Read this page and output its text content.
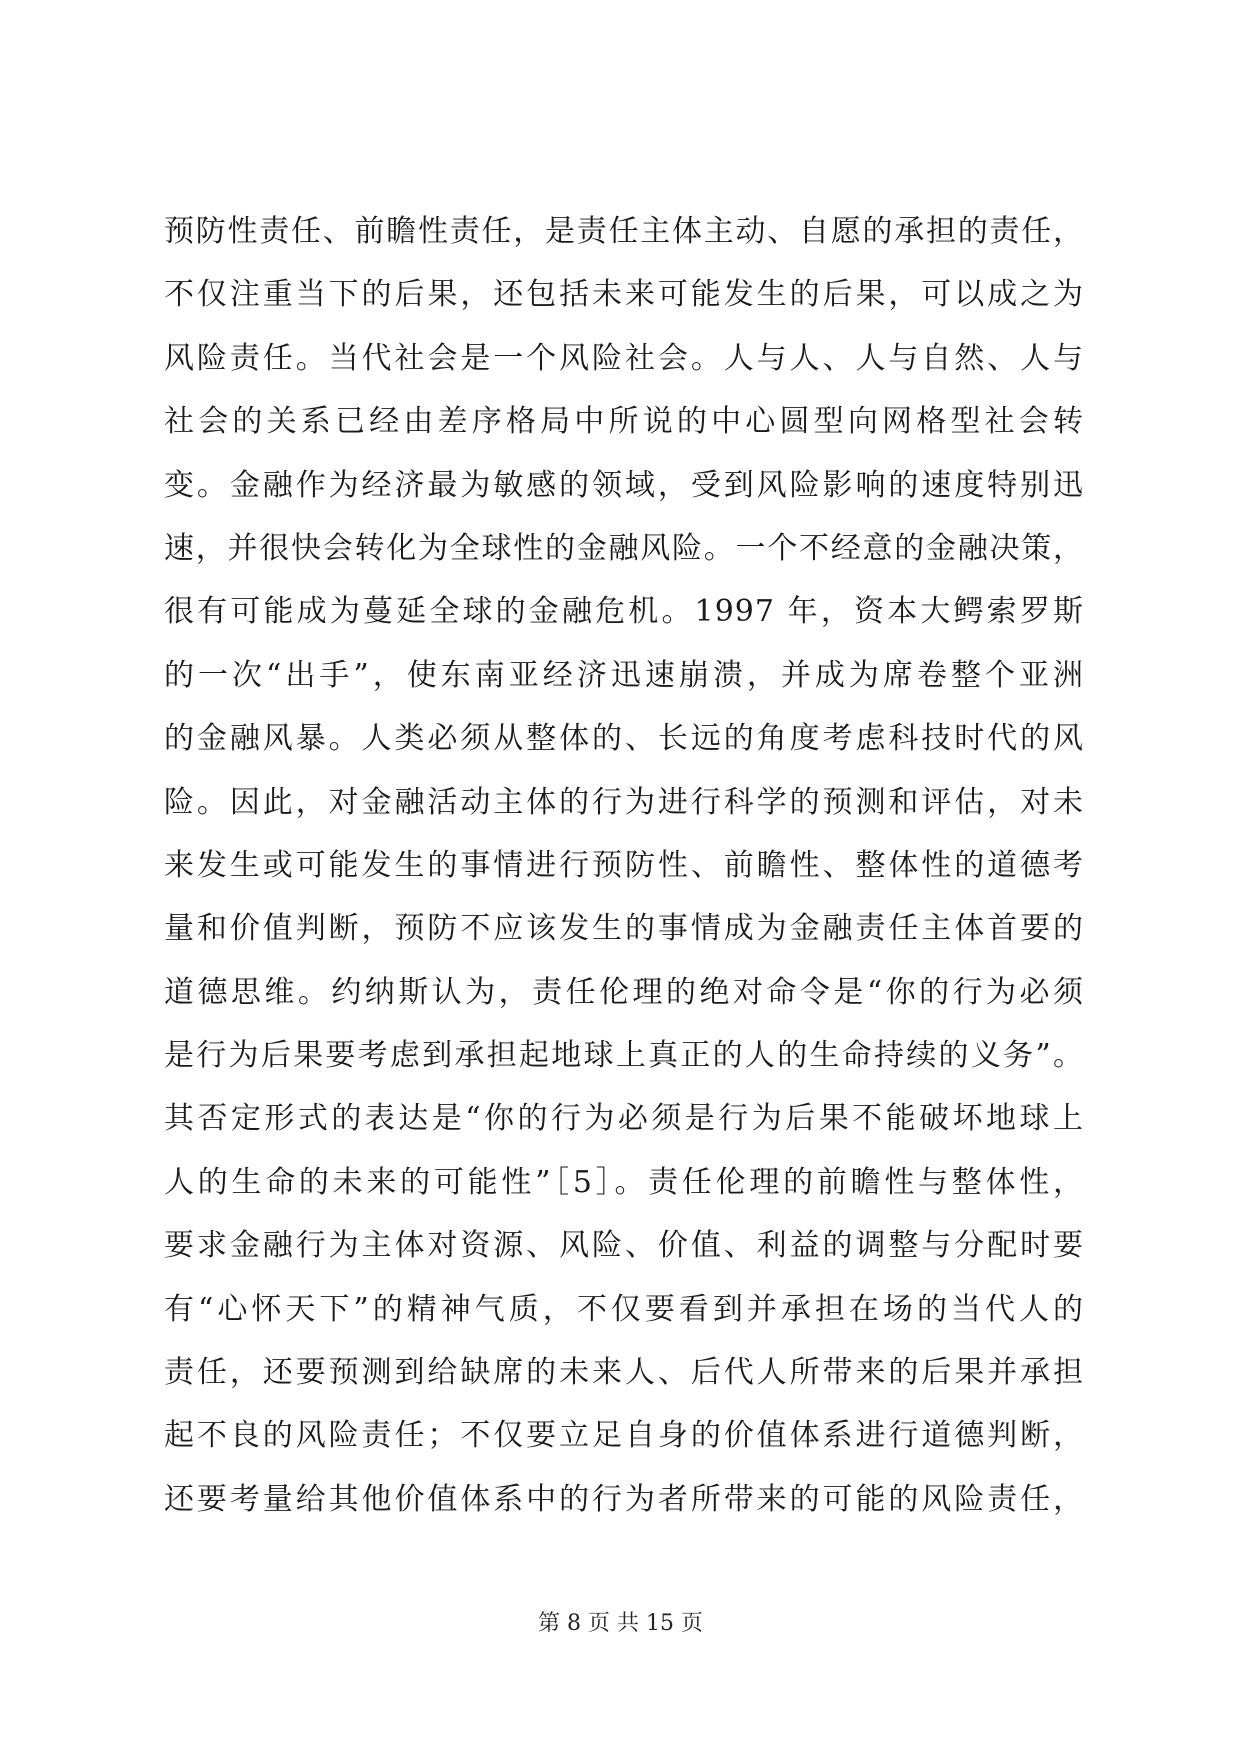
预防性责任、前瞻性责任，是责任主体主动、自愿的承担的责任，
不仅注重当下的后果，还包括未来可能发生的后果，可以成之为
风险责任。当代社会是一个风险社会。人与人、人与自然、人与
社会的关系已经由差序格局中所说的中心圆型向网格型社会转
变。金融作为经济最为敏感的领域，受到风险影响的速度特别迅
速，并很快会转化为全球性的金融风险。一个不经意的金融决策，
很有可能成为蔓延全球的金融危机。1997 年，资本大鳄索罗斯
的一次“出手”，使东南亚经济迅速崩溃，并成为席卷整个亚洲
的金融风暴。人类必须从整体的、长远的角度考虑科技时代的风
险。因此，对金融活动主体的行为进行科学的预测和评估，对未
来发生或可能发生的事情进行预防性、前瞻性、整体性的道德考
量和价值判断，预防不应该发生的事情成为金融责任主体首要的
道德思维。约纳斯认为，责任伦理的绝对命令是“你的行为必须
是行为后果要考虑到承担起地球上真正的人的生命持续的义务”。
其否定形式的表达是“你的行为必须是行为后果不能破坏地球上
人的生命的未来的可能性”［5］。责任伦理的前瞻性与整体性，
要求金融行为主体对资源、风险、价值、利益的调整与分配时要
有“心怀天下”的精神气质，不仅要看到并承担在场的当代人的
责任，还要预测到给缺席的未来人、后代人所带来的后果并承担
起不良的风险责任；不仅要立足自身的价值体系进行道德判断，
还要考量给其他价值体系中的行为者所带来的可能的风险责任，
第 8 页 共 15 页
